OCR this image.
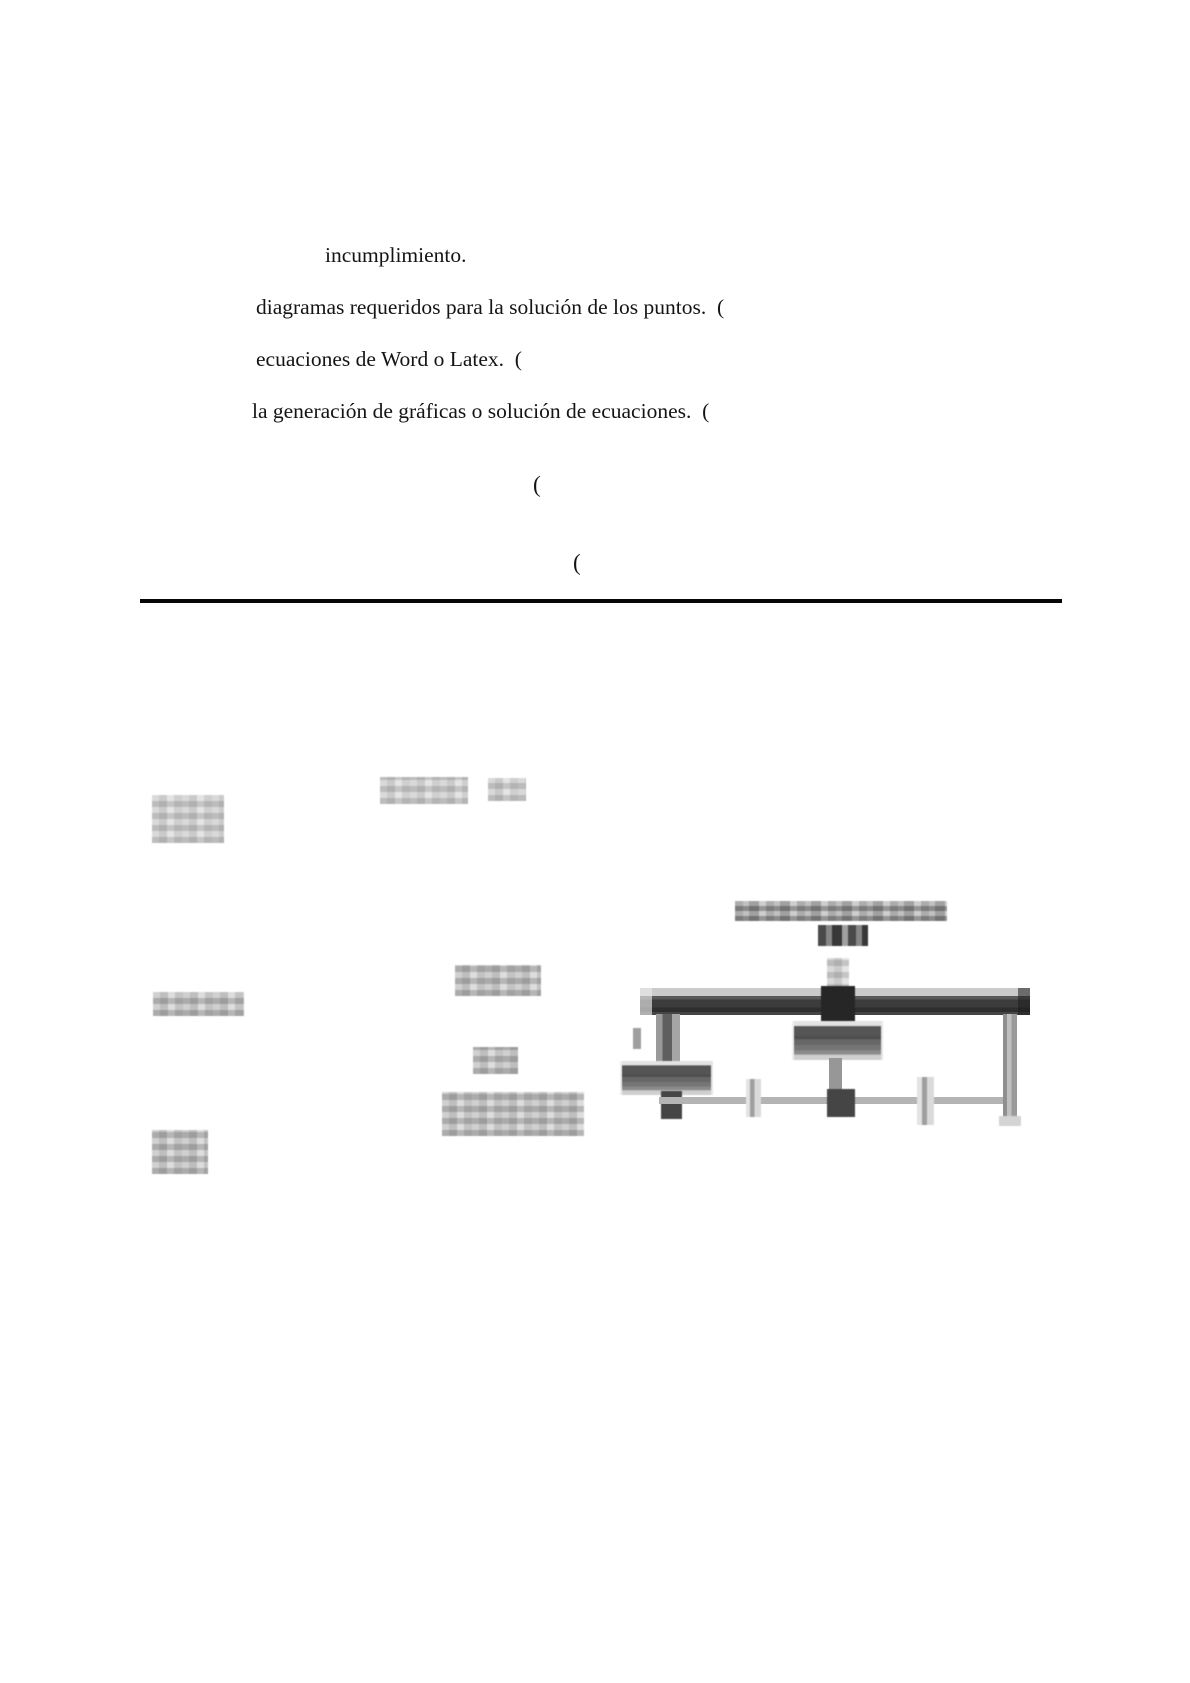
incumplimiento.
diagramas requeridos para la solución de los puntos.  (
ecuaciones de Word o Latex.  (
la generación de gráficas o solución de ecuaciones.  (
(
(
